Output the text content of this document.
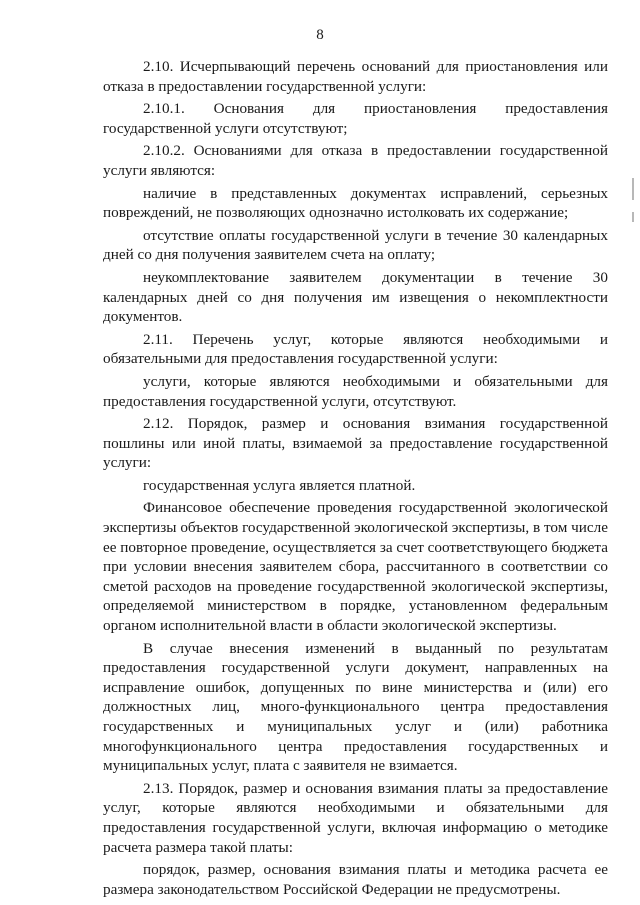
8

2.10. Исчерпывающий перечень оснований для приостановления или отказа в предоставлении государственной услуги:

2.10.1. Основания для приостановления предоставления государственной услуги отсутствуют;

2.10.2. Основаниями для отказа в предоставлении государственной услуги являются:

наличие в представленных документах исправлений, серьезных повреждений, не позволяющих однозначно истолковать их содержание;

отсутствие оплаты государственной услуги в течение 30 календарных дней со дня получения заявителем счета на оплату;

неукомплектование заявителем документации в течение 30 календарных дней со дня получения им извещения о некомплектности документов.

2.11. Перечень услуг, которые являются необходимыми и обязательными для предоставления государственной услуги:

услуги, которые являются необходимыми и обязательными для предоставления государственной услуги, отсутствуют.

2.12. Порядок, размер и основания взимания государственной пошлины или иной платы, взимаемой за предоставление государственной услуги:

государственная услуга является платной.

Финансовое обеспечение проведения государственной экологической экспертизы объектов государственной экологической экспертизы, в том числе ее повторное проведение, осуществляется за счет соответствующего бюджета при условии внесения заявителем сбора, рассчитанного в соответствии со сметой расходов на проведение государственной экологической экспертизы, определяемой министерством в порядке, установленном федеральным органом исполнительной власти в области экологической экспертизы.

В случае внесения изменений в выданный по результатам предоставления государственной услуги документ, направленных на исправление ошибок, допущенных по вине министерства и (или) его должностных лиц, много-функционального центра предоставления государственных и муниципальных услуг и (или) работника многофункционального центра предоставления государственных и муниципальных услуг, плата с заявителя не взимается.

2.13. Порядок, размер и основания взимания платы за предоставление услуг, которые являются необходимыми и обязательными для предоставления государственной услуги, включая информацию о методике расчета размера такой платы:

порядок, размер, основания взимания платы и методика расчета ее размера законодательством Российской Федерации не предусмотрены.
